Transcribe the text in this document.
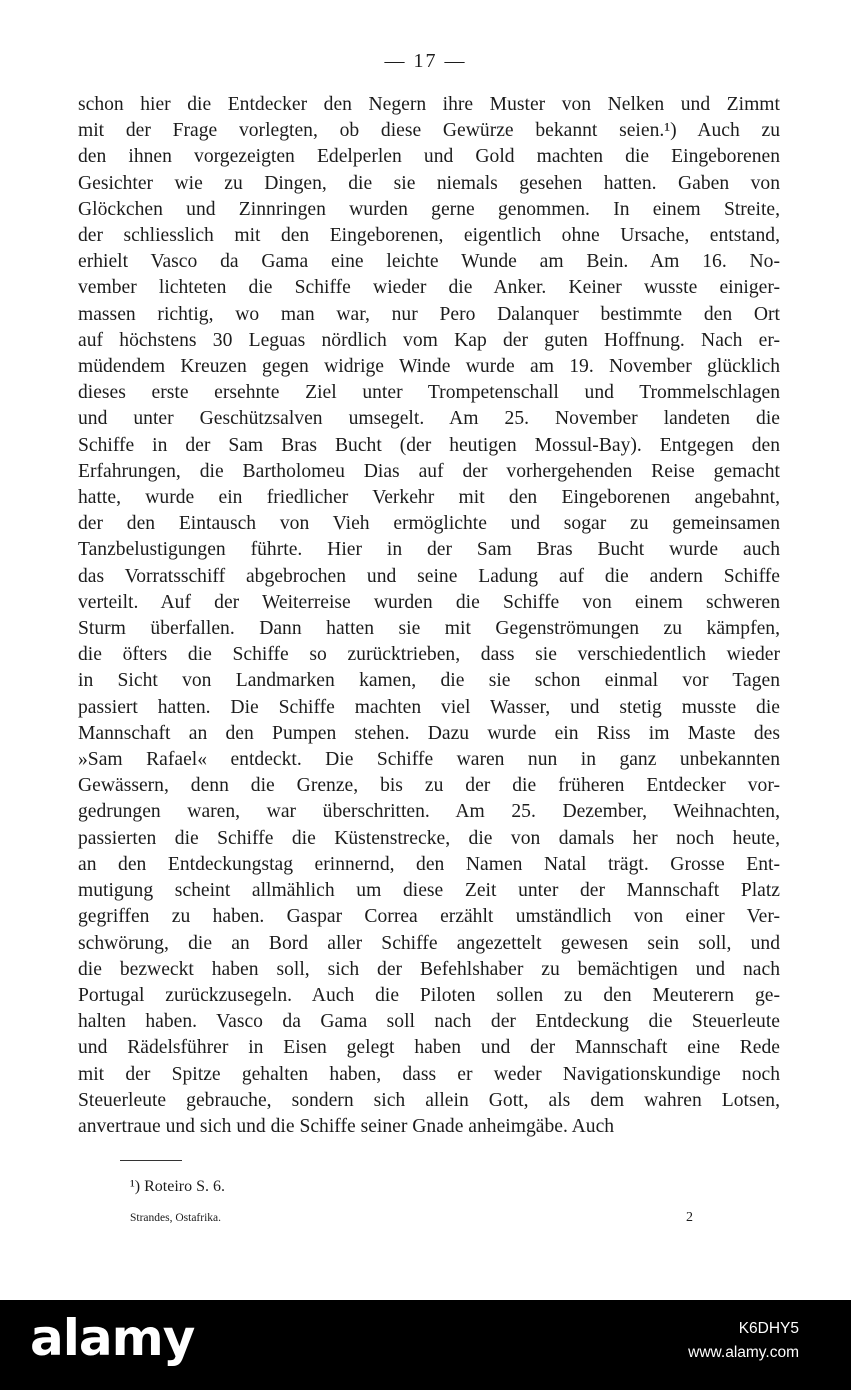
— 17 —
schon hier die Entdecker den Negern ihre Muster von Nelken und Zimmt
mit der Frage vorlegten, ob diese Gewürze bekannt seien.¹) Auch zu
den ihnen vorgezeigten Edelperlen und Gold machten die Eingeborenen
Gesichter wie zu Dingen, die sie niemals gesehen hatten. Gaben von
Glöckchen und Zinnringen wurden gerne genommen. In einem Streite,
der schliesslich mit den Eingeborenen, eigentlich ohne Ursache, entstand,
erhielt Vasco da Gama eine leichte Wunde am Bein. Am 16. No-
vember lichteten die Schiffe wieder die Anker. Keiner wusste einiger-
massen richtig, wo man war, nur Pero Dalanquer bestimmte den Ort
auf höchstens 30 Leguas nördlich vom Kap der guten Hoffnung. Nach er-
müdendem Kreuzen gegen widrige Winde wurde am 19. November glücklich
dieses erste ersehnte Ziel unter Trompetenschall und Trommelschlagen
und unter Geschützsalven umsegelt. Am 25. November landeten die
Schiffe in der Sam Bras Bucht (der heutigen Mossul-Bay). Entgegen den
Erfahrungen, die Bartholomeu Dias auf der vorhergehenden Reise gemacht
hatte, wurde ein friedlicher Verkehr mit den Eingeborenen angebahnt,
der den Eintausch von Vieh ermöglichte und sogar zu gemeinsamen
Tanzbelustigungen führte. Hier in der Sam Bras Bucht wurde auch
das Vorratsschiff abgebrochen und seine Ladung auf die andern Schiffe
verteilt. Auf der Weiterreise wurden die Schiffe von einem schweren
Sturm überfallen. Dann hatten sie mit Gegenströmungen zu kämpfen,
die öfters die Schiffe so zurücktrieben, dass sie verschiedentlich wieder
in Sicht von Landmarken kamen, die sie schon einmal vor Tagen
passiert hatten. Die Schiffe machten viel Wasser, und stetig musste die
Mannschaft an den Pumpen stehen. Dazu wurde ein Riss im Maste des
»Sam Rafael« entdeckt. Die Schiffe waren nun in ganz unbekannten
Gewässern, denn die Grenze, bis zu der die früheren Entdecker vor-
gedrungen waren, war überschritten. Am 25. Dezember, Weihnachten,
passierten die Schiffe die Küstenstrecke, die von damals her noch heute,
an den Entdeckungstag erinnernd, den Namen Natal trägt. Grosse Ent-
mutigung scheint allmählich um diese Zeit unter der Mannschaft Platz
gegriffen zu haben. Gaspar Correa erzählt umständlich von einer Ver-
schwörung, die an Bord aller Schiffe angezettelt gewesen sein soll, und
die bezweckt haben soll, sich der Befehlshaber zu bemächtigen und nach
Portugal zurückzusegeln. Auch die Piloten sollen zu den Meuterern ge-
halten haben. Vasco da Gama soll nach der Entdeckung die Steuerleute
und Rädelsführer in Eisen gelegt haben und der Mannschaft eine Rede
mit der Spitze gehalten haben, dass er weder Navigationskundige noch
Steuerleute gebrauche, sondern sich allein Gott, als dem wahren Lotsen,
anvertraue und sich und die Schiffe seiner Gnade anheimgäbe. Auch
¹) Roteiro S. 6.
Strandes, Ostafrika.	2
alamy	K6DHY5
www.alamy.com
